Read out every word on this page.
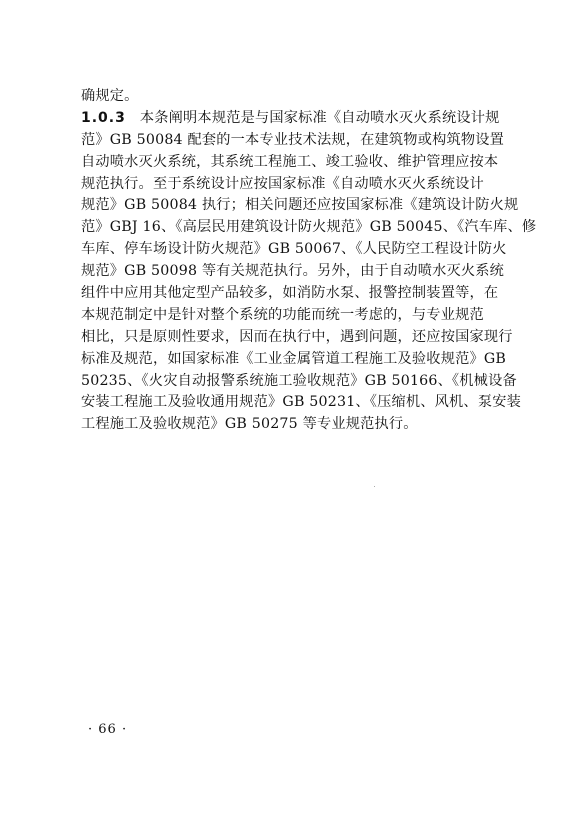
确规定。
1.0.3 本条阐明本规范是与国家标准《自动喷水灭火系统设计规
范》GB 50084 配套的一本专业技术法规，在建筑物或构筑物设置
自动喷水灭火系统，其系统工程施工、竣工验收、维护管理应按本
规范执行。至于系统设计应按国家标准《自动喷水灭火系统设计
规范》GB 50084 执行；相关问题还应按国家标准《建筑设计防火规
范》GBJ 16、《高层民用建筑设计防火规范》GB 50045、《汽车库、修
车库、停车场设计防火规范》GB 50067、《人民防空工程设计防火
规范》GB 50098 等有关规范执行。另外，由于自动喷水灭火系统
组件中应用其他定型产品较多，如消防水泵、报警控制装置等，在
本规范制定中是针对整个系统的功能而统一考虑的，与专业规范
相比，只是原则性要求，因而在执行中，遇到问题，还应按国家现行
标准及规范，如国家标准《工业金属管道工程施工及验收规范》GB
50235、《火灾自动报警系统施工验收规范》GB 50166、《机械设备
安装工程施工及验收通用规范》GB 50231、《压缩机、风机、泵安装
工程施工及验收规范》GB 50275 等专业规范执行。
· 66 ·
